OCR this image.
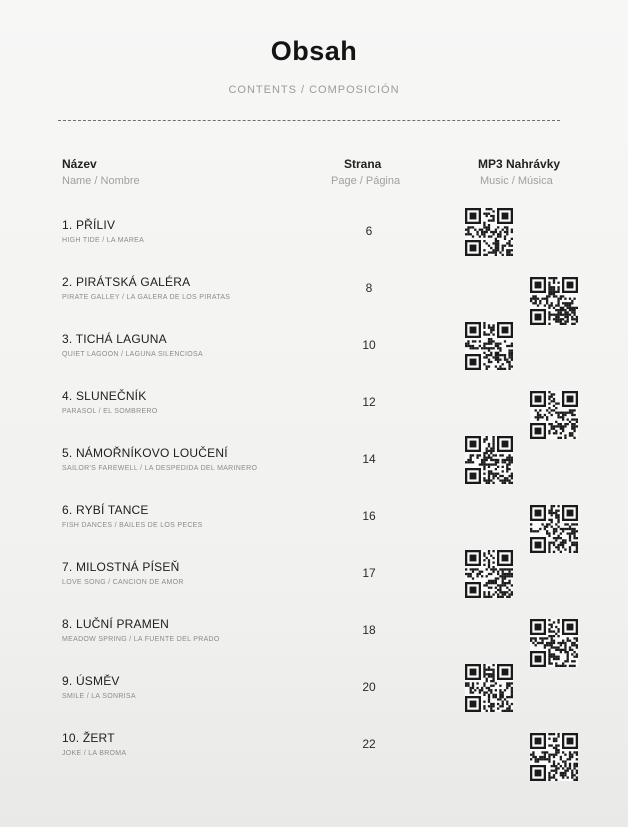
Obsah
CONTENTS / COMPOSICIÓN
Název
Name / Nombre
Strana
Page / Página
MP3 Nahrávky
Music / Música
1. PŘÍLIV
HIGH TIDE / LA MAREA
6
2. PIRÁTSKÁ GALÉRA
PIRATE GALLEY / LA GALERA DE LOS PIRATAS
8
3. TICHÁ LAGUNA
QUIET LAGOON / LAGUNA SILENCIOSA
10
4. SLUNEČNÍK
PARASOL / EL SOMBRERO
12
5. NÁMOŘNÍKOVO LOUČENÍ
SAILOR'S FAREWELL / LA DESPEDIDA DEL MARINERO
14
6. RYBÍ TANCE
FISH DANCES / BAILES DE LOS PECES
16
7. MILOSTNÁ PÍSEŇ
LOVE SONG / CANCION DE AMOR
17
8. LUČNÍ PRAMEN
MEADOW SPRING / LA FUENTE DEL PRADO
18
9. ÚSMĚV
SMILE / LA SONRISA
20
10. ŽERT
JOKE / LA BROMA
22
